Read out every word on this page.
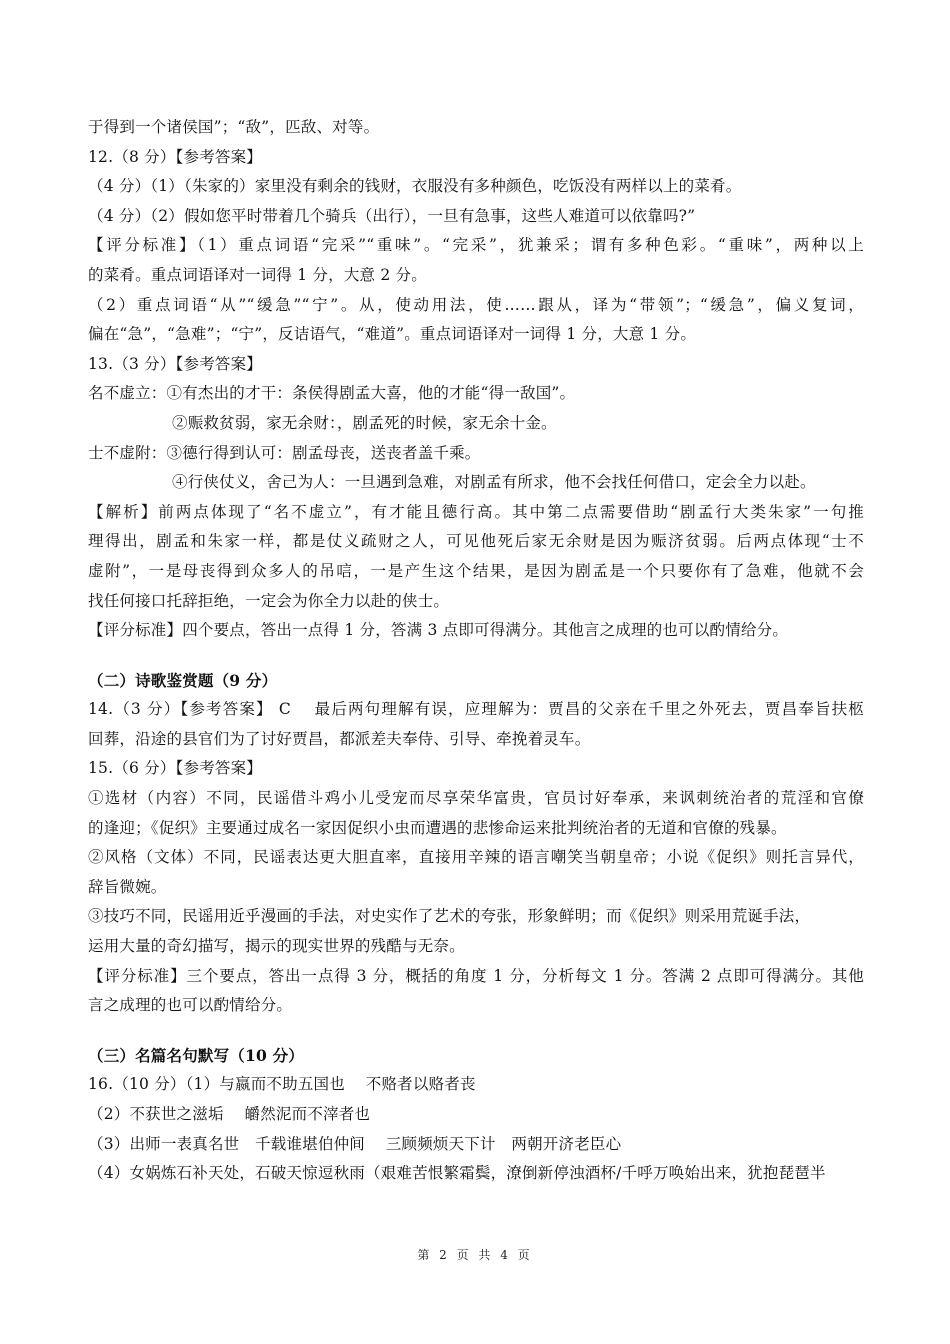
于得到一个诸侯国”；“敌”，匹敌、对等。
12.（8 分）【参考答案】
（4 分）（1）（朱家的）家里没有剩余的钱财，衣服没有多种颜色，吃饭没有两样以上的菜肴。
（4 分）（2）假如您平时带着几个骑兵（出行），一旦有急事，这些人难道可以依靠吗?”
【评分标准】（1）重点词语“完采”“重味”。“完采”，犹兼采；谓有多种色彩。“重味”，两种以上
的菜肴。重点词语译对一词得 1 分，大意 2 分。
（2）重点词语“从”“缓急”“宁”。从，使动用法，使……跟从，译为“带领”；“缓急”，偏义复词，
偏在“急”，“急难”；“宁”，反诘语气，“难道”。重点词语译对一词得 1 分，大意 1 分。
13.（3 分）【参考答案】
名不虚立：①有杰出的才干：条侯得剧孟大喜，他的才能“得一敌国”。
②赈救贫弱，家无余财：，剧孟死的时候，家无余十金。
士不虚附：③德行得到认可：剧孟母丧，送丧者盖千乘。
④行侠仗义，舍己为人：一旦遇到急难，对剧孟有所求，他不会找任何借口，定会全力以赴。
【解析】前两点体现了“名不虚立”，有才能且德行高。其中第二点需要借助“剧孟行大类朱家”一句推
理得出，剧孟和朱家一样，都是仗义疏财之人，可见他死后家无余财是因为赈济贫弱。后两点体现“士不
虚附”，一是母丧得到众多人的吊唁，一是产生这个结果，是因为剧孟是一个只要你有了急难，他就不会
找任何接口托辞拒绝，一定会为你全力以赴的侠士。
【评分标准】四个要点，答出一点得 1 分，答满 3 点即可得满分。其他言之成理的也可以酌情给分。
（二）诗歌鉴赏题（9 分）
14.（3 分）【参考答案】 C　 最后两句理解有误，应理解为：贾昌的父亲在千里之外死去，贾昌奉旨扶柩
回葬，沿途的县官们为了讨好贾昌，都派差夫奉侍、引导、牵挽着灵车。
15.（6 分）【参考答案】
①选材（内容）不同，民谣借斗鸡小儿受宠而尽享荣华富贵，官员讨好奉承，来讽刺统治者的荒淫和官僚
的逢迎；《促织》主要通过成名一家因促织小虫而遭遇的悲惨命运来批判统治者的无道和官僚的残暴。
②风格（文体）不同，民谣表达更大胆直率，直接用辛辣的语言嘲笑当朝皇帝；小说《促织》则托言异代，
辞旨微婉。
③技巧不同，民谣用近乎漫画的手法，对史实作了艺术的夸张，形象鲜明；而《促织》则采用荒诞手法，
运用大量的奇幻描写，揭示的现实世界的残酷与无奈。
【评分标准】三个要点，答出一点得 3 分，概括的角度 1 分，分析每文 1 分。答满 2 点即可得满分。其他
言之成理的也可以酌情给分。
（三）名篇名句默写（10 分）
16.（10 分）（1）与嬴而不助五国也　 不赂者以赂者丧
（2）不获世之滋垢　 皭然泥而不滓者也
（3）出师一表真名世　千载谁堪伯仲间　 三顾频烦天下计　两朝开济老臣心
（4）女娲炼石补天处，石破天惊逗秋雨（艰难苦恨繁霜鬓，潦倒新停浊酒杯/千呼万唤始出来，犹抱琵琶半
第 2 页 共 4 页
